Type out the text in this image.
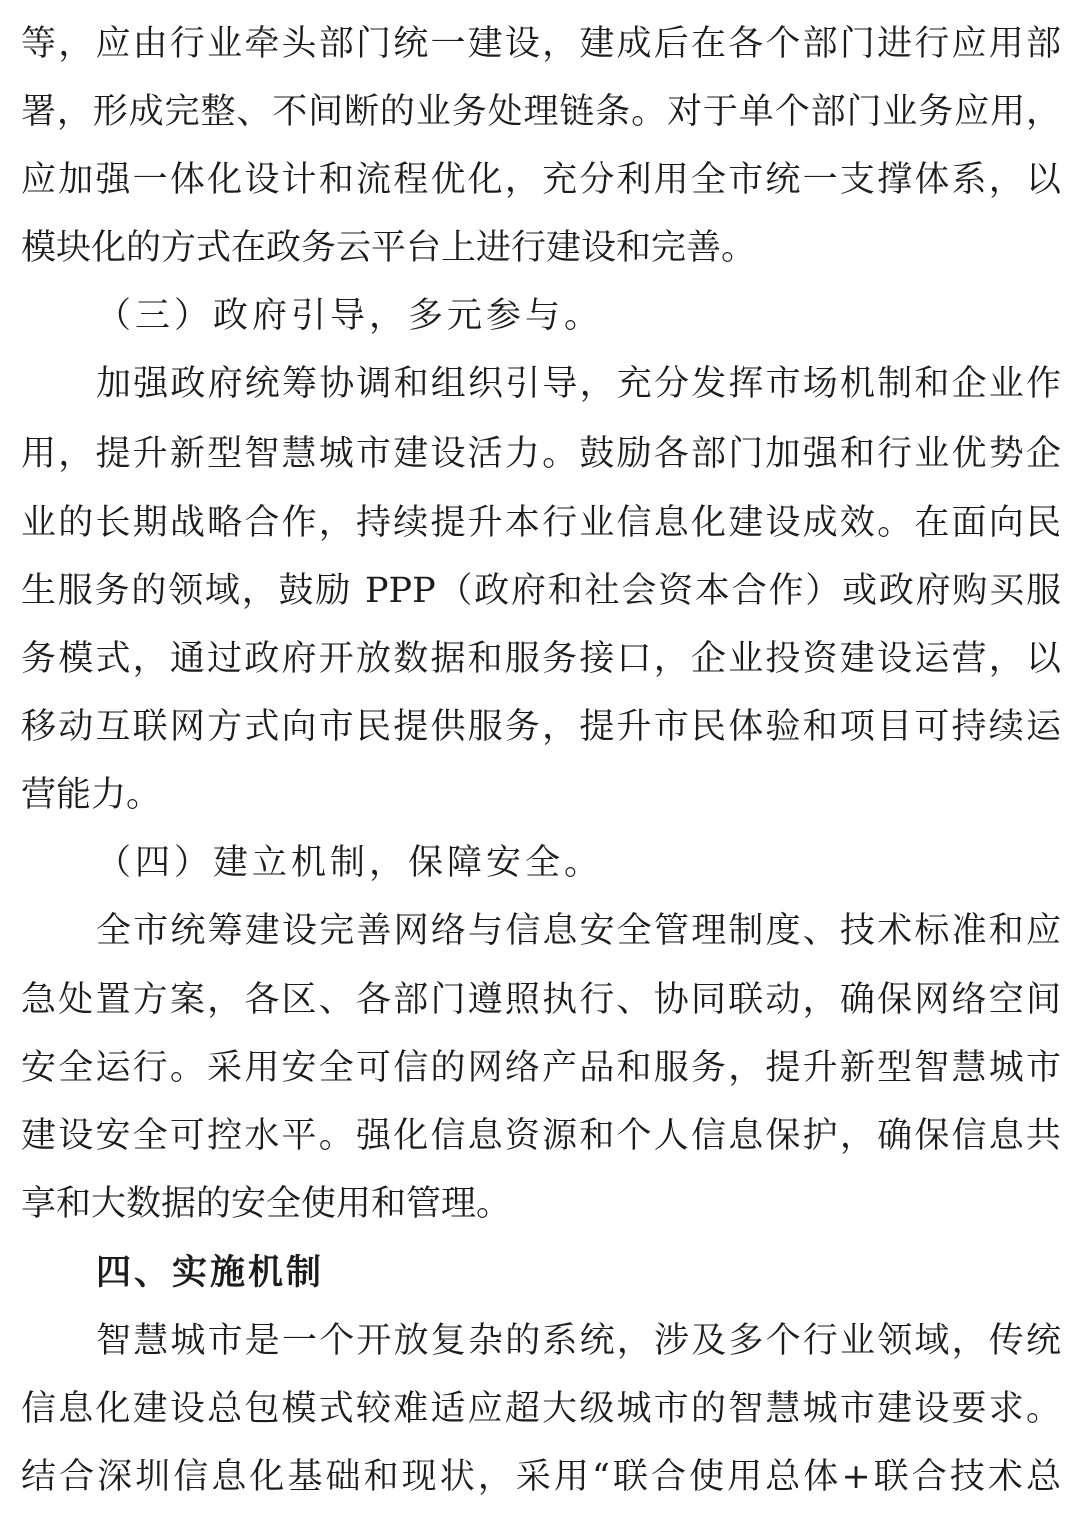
等，应由行业牵头部门统一建设，建成后在各个部门进行应用部
署，形成完整、不间断的业务处理链条。对于单个部门业务应用，
应加强一体化设计和流程优化，充分利用全市统一支撑体系，以
模块化的方式在政务云平台上进行建设和完善。
（三）政府引导，多元参与。
加强政府统筹协调和组织引导，充分发挥市场机制和企业作
用，提升新型智慧城市建设活力。鼓励各部门加强和行业优势企
业的长期战略合作，持续提升本行业信息化建设成效。在面向民
生服务的领域，鼓励 PPP（政府和社会资本合作）或政府购买服
务模式，通过政府开放数据和服务接口，企业投资建设运营，以
移动互联网方式向市民提供服务，提升市民体验和项目可持续运
营能力。
（四）建立机制，保障安全。
全市统筹建设完善网络与信息安全管理制度、技术标准和应
急处置方案，各区、各部门遵照执行、协同联动，确保网络空间
安全运行。采用安全可信的网络产品和服务，提升新型智慧城市
建设安全可控水平。强化信息资源和个人信息保护，确保信息共
享和大数据的安全使用和管理。
四、实施机制
智慧城市是一个开放复杂的系统，涉及多个行业领域，传统
信息化建设总包模式较难适应超大级城市的智慧城市建设要求。
结合深圳信息化基础和现状，采用“联合使用总体+联合技术总
